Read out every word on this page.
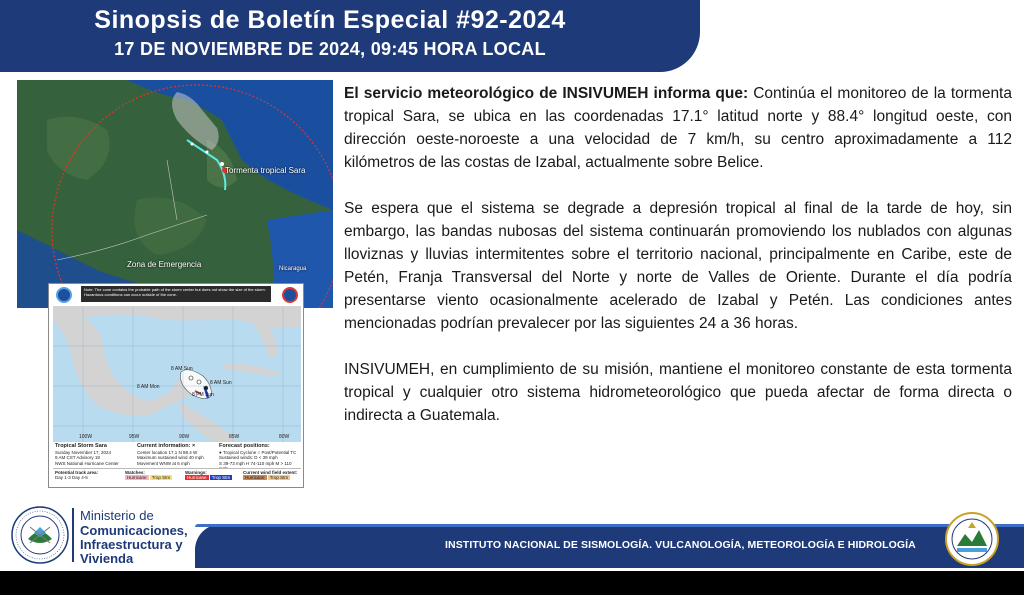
Sinopsis de Boletín Especial #92-2024
17 DE NOVIEMBRE DE 2024, 09:45 HORA LOCAL
Tormenta tropical Sara
Zona de Emergencia	Nicaragua
Note: The cone contains the probable path of the storm center but does not show the size of the storm. Hazardous conditions can occur outside of the cone.
×
8 AM Sun
8 PM Sun
8 AM Mon
8 AM Sun
100W	95W	90W	85W	80W
Tropical Storm Sara
Sunday November 17, 2024
9 AM CST Advisory 18
NWS National Hurricane Center
Current information: ×
Center location 17.1 N 88.4 W
Maximum sustained wind 40 mph
Movement WNW at 6 mph
Forecast positions:
● Tropical Cyclone ○ Post/Potential TC
Sustained winds: D < 39 mph
S 39-73 mph H 74-110 mph M > 110
Potential track area:
Day 1-3 Day 4-5
Watches:
Hurricane Trop Stm
Warnings:
Hurricane Trop Stm
Current wind field extent:
Hurricane Trop Stm

El servicio meteorológico de INSIVUMEH informa que: Continúa el monitoreo de la tormenta tropical Sara, se ubica en las coordenadas 17.1° latitud norte y 88.4° longitud oeste, con dirección oeste-noroeste a una velocidad de 7 km/h, su centro aproximadamente a 112 kilómetros de las costas de Izabal, actualmente sobre Belice.

Se espera que el sistema se degrade a depresión tropical al final de la tarde de hoy, sin embargo, las bandas nubosas del sistema continuarán promoviendo los nublados con algunas lloviznas y lluvias intermitentes sobre el territorio nacional, principalmente en Caribe, este de Petén, Franja Transversal del Norte y norte de Valles de Oriente. Durante el día podría presentarse viento ocasionalmente acelerado de Izabal y Petén. Las condiciones antes mencionadas podrían prevalecer por las siguientes 24 a 36 horas.

INSIVUMEH, en cumplimiento de su misión, mantiene el monitoreo constante de esta tormenta tropical y cualquier otro sistema hidrometeorológico que pueda afectar de forma directa o indirecta a Guatemala.

Ministerio de
Comunicaciones,
Infraestructura y
Vivienda
INSTITUTO NACIONAL DE SISMOLOGÍA. VULCANOLOGÍA, METEOROLOGÍA E HIDROLOGÍA
